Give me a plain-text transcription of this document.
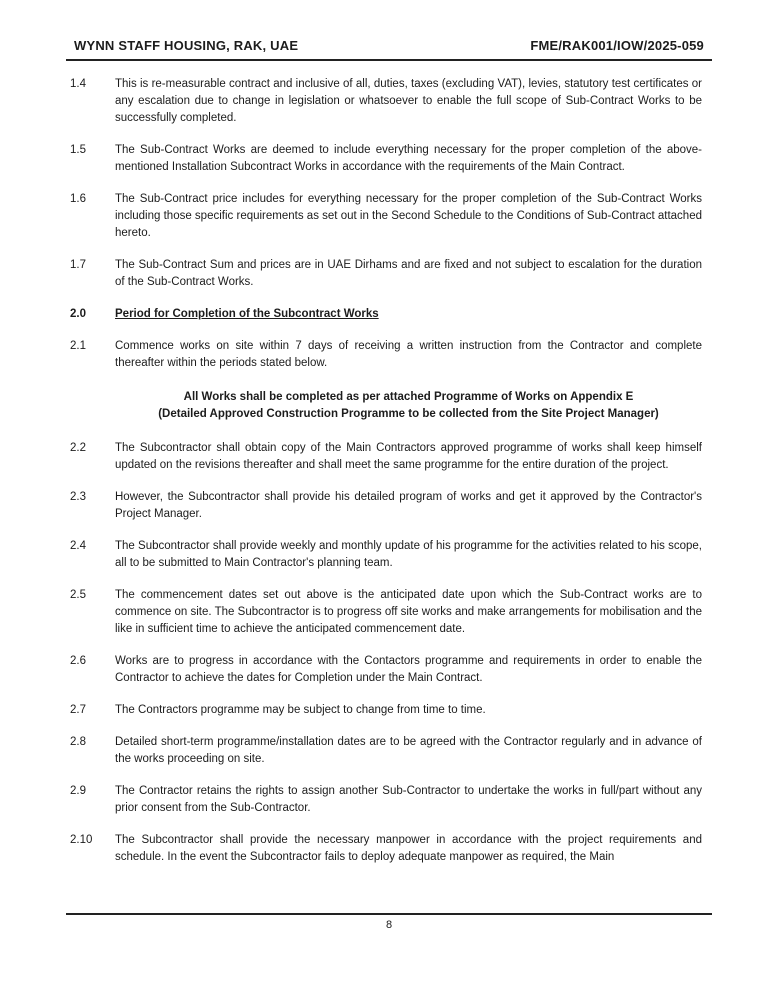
WYNN STAFF HOUSING, RAK, UAE	FME/RAK001/IOW/2025-059
1.4	This is re-measurable contract and inclusive of all, duties, taxes (excluding VAT), levies, statutory test certificates or any escalation due to change in legislation or whatsoever to enable the full scope of Sub-Contract Works to be successfully completed.

1.5	The Sub-Contract Works are deemed to include everything necessary for the proper completion of the above-mentioned Installation Subcontract Works in accordance with the requirements of the Main Contract.

1.6	The Sub-Contract price includes for everything necessary for the proper completion of the Sub-Contract Works including those specific requirements as set out in the Second Schedule to the Conditions of Sub-Contract attached hereto.

1.7	The Sub-Contract Sum and prices are in UAE Dirhams and are fixed and not subject to escalation for the duration of the Sub-Contract Works.

2.0	Period for Completion of the Subcontract Works

2.1	Commence works on site within 7 days of receiving a written instruction from the Contractor and complete thereafter within the periods stated below.

All Works shall be completed as per attached Programme of Works on Appendix E
(Detailed Approved Construction Programme to be collected from the Site Project Manager)
2.2	The Subcontractor shall obtain copy of the Main Contractors approved programme of works shall keep himself updated on the revisions thereafter and shall meet the same programme for the entire duration of the project.

2.3	However, the Subcontractor shall provide his detailed program of works and get it approved by the Contractor's Project Manager.

2.4	The Subcontractor shall provide weekly and monthly update of his programme for the activities related to his scope, all to be submitted to Main Contractor's planning team.

2.5	The commencement dates set out above is the anticipated date upon which the Sub-Contract works are to commence on site. The Subcontractor is to progress off site works and make arrangements for mobilisation and the like in sufficient time to achieve the anticipated commencement date.

2.6	Works are to progress in accordance with the Contactors programme and requirements in order to enable the Contractor to achieve the dates for Completion under the Main Contract.

2.7	The Contractors programme may be subject to change from time to time.

2.8	Detailed short-term programme/installation dates are to be agreed with the Contractor regularly and in advance of the works proceeding on site.

2.9	The Contractor retains the rights to assign another Sub-Contractor to undertake the works in full/part without any prior consent from the Sub-Contractor.

2.10	The Subcontractor shall provide the necessary manpower in accordance with the project requirements and schedule. In the event the Subcontractor fails to deploy adequate manpower as required, the Main

8
